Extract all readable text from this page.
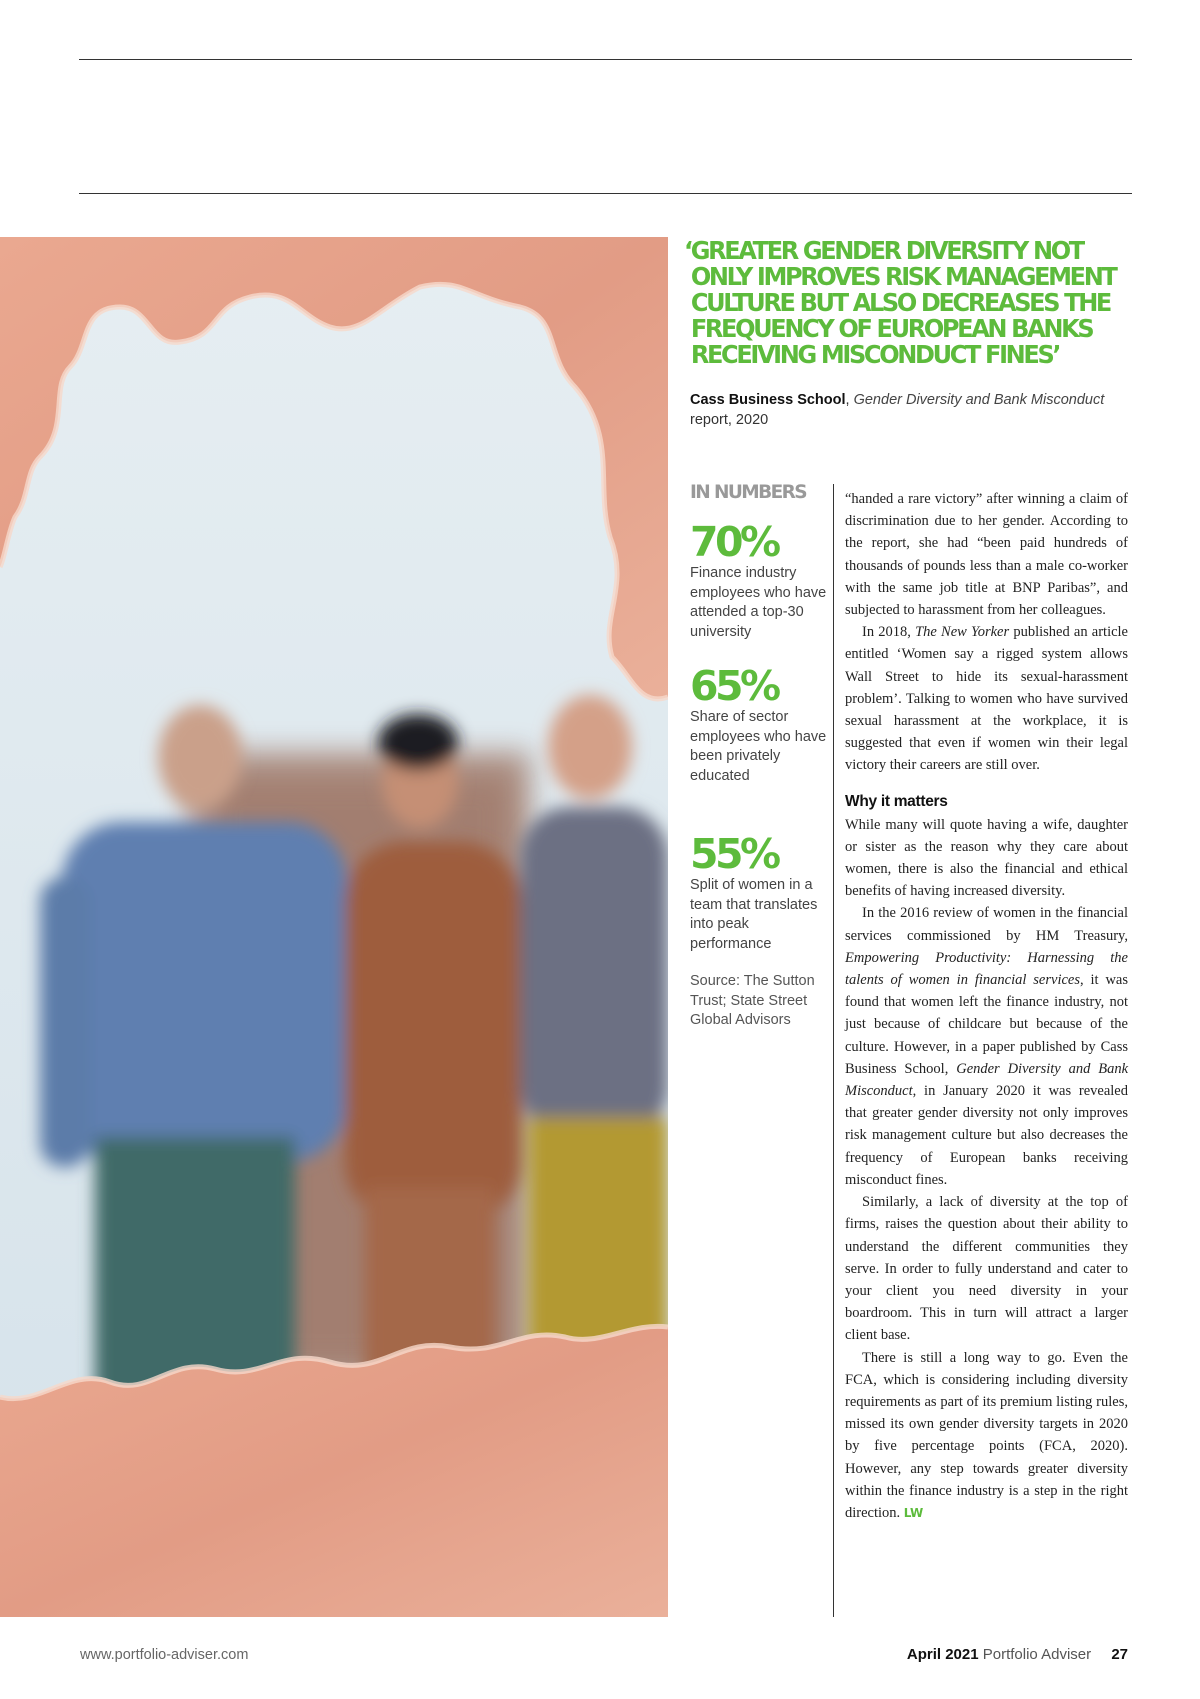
‘GREATER GENDER DIVERSITY NOT
ONLY IMPROVES RISK MANAGEMENT
CULTURE BUT ALSO DECREASES THE
FREQUENCY OF EUROPEAN BANKS
RECEIVING MISCONDUCT FINES’
Cass Business School, Gender Diversity and Bank Misconduct report, 2020
IN NUMBERS
70%
Finance industry employees who have attended a top-30 university
65%
Share of sector employees who have been privately educated
55%
Split of women in a team that translates into peak performance
Source: The Sutton Trust; State Street Global Advisors

“handed a rare victory” after winning a claim of discrimination due to her gender. According to the report, she had “been paid hundreds of thousands of pounds less than a male co-worker with the same job title at BNP Paribas”, and subjected to harassment from her colleagues.

In 2018, The New Yorker published an article entitled ‘Women say a rigged system allows Wall Street to hide its sexual-harassment problem’. Talking to women who have survived sexual harassment at the workplace, it is suggested that even if women win their legal victory their careers are still over.

Why it matters

While many will quote having a wife, daughter or sister as the reason why they care about women, there is also the financial and ethical benefits of having increased diversity.

In the 2016 review of women in the financial services commissioned by HM Treasury, Empowering Productivity: Harnessing the talents of women in financial services, it was found that women left the finance industry, not just because of childcare but because of the culture. However, in a paper published by Cass Business School, Gender Diversity and Bank Misconduct, in January 2020 it was revealed that greater gender diversity not only improves risk management culture but also decreases the frequency of European banks receiving misconduct fines.

Similarly, a lack of diversity at the top of firms, raises the question about their ability to understand the different communities they serve. In order to fully understand and cater to your client you need diversity in your boardroom. This in turn will attract a larger client base.

There is still a long way to go. Even the FCA, which is considering including diversity requirements as part of its premium listing rules, missed its own gender diversity targets in 2020 by five percentage points (FCA, 2020). However, any step towards greater diversity within the finance industry is a step in the right direction. LW

www.portfolio-adviser.com	April 2021 Portfolio Adviser 27
